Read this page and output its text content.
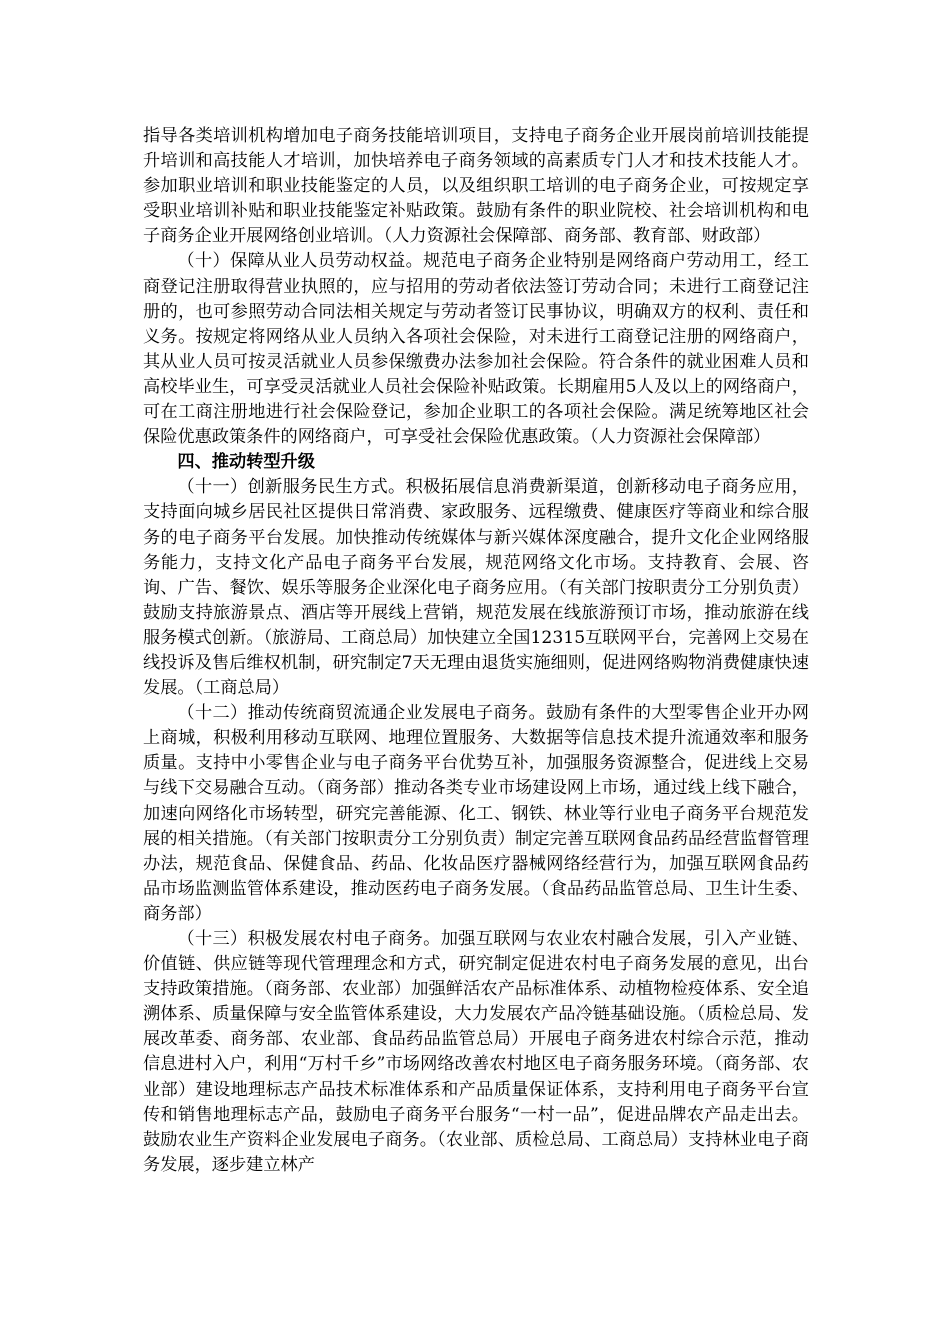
指导各类培训机构增加电子商务技能培训项目，支持电子商务企业开展岗前培训技能提升培训和高技能人才培训，加快培养电子商务领域的高素质专门人才和技术技能人才。参加职业培训和职业技能鉴定的人员，以及组织职工培训的电子商务企业，可按规定享受职业培训补贴和职业技能鉴定补贴政策。鼓励有条件的职业院校、社会培训机构和电子商务企业开展网络创业培训。（人力资源社会保障部、商务部、教育部、财政部）

（十）保障从业人员劳动权益。规范电子商务企业特别是网络商户劳动用工，经工商登记注册取得营业执照的，应与招用的劳动者依法签订劳动合同；未进行工商登记注册的，也可参照劳动合同法相关规定与劳动者签订民事协议，明确双方的权利、责任和义务。按规定将网络从业人员纳入各项社会保险，对未进行工商登记注册的网络商户，其从业人员可按灵活就业人员参保缴费办法参加社会保险。符合条件的就业困难人员和高校毕业生，可享受灵活就业人员社会保险补贴政策。长期雇用5人及以上的网络商户，可在工商注册地进行社会保险登记，参加企业职工的各项社会保险。满足统筹地区社会保险优惠政策条件的网络商户，可享受社会保险优惠政策。（人力资源社会保障部）

四、推动转型升级

（十一）创新服务民生方式。积极拓展信息消费新渠道，创新移动电子商务应用，支持面向城乡居民社区提供日常消费、家政服务、远程缴费、健康医疗等商业和综合服务的电子商务平台发展。加快推动传统媒体与新兴媒体深度融合，提升文化企业网络服务能力，支持文化产品电子商务平台发展，规范网络文化市场。支持教育、会展、咨询、广告、餐饮、娱乐等服务企业深化电子商务应用。（有关部门按职责分工分别负责）鼓励支持旅游景点、酒店等开展线上营销，规范发展在线旅游预订市场，推动旅游在线服务模式创新。（旅游局、工商总局）加快建立全国12315互联网平台，完善网上交易在线投诉及售后维权机制，研究制定7天无理由退货实施细则，促进网络购物消费健康快速发展。（工商总局）

（十二）推动传统商贸流通企业发展电子商务。鼓励有条件的大型零售企业开办网上商城，积极利用移动互联网、地理位置服务、大数据等信息技术提升流通效率和服务质量。支持中小零售企业与电子商务平台优势互补，加强服务资源整合，促进线上交易与线下交易融合互动。（商务部）推动各类专业市场建设网上市场，通过线上线下融合，加速向网络化市场转型，研究完善能源、化工、钢铁、林业等行业电子商务平台规范发展的相关措施。（有关部门按职责分工分别负责）制定完善互联网食品药品经营监督管理办法，规范食品、保健食品、药品、化妆品医疗器械网络经营行为，加强互联网食品药品市场监测监管体系建设，推动医药电子商务发展。（食品药品监管总局、卫生计生委、商务部）

（十三）积极发展农村电子商务。加强互联网与农业农村融合发展，引入产业链、价值链、供应链等现代管理理念和方式，研究制定促进农村电子商务发展的意见，出台支持政策措施。（商务部、农业部）加强鲜活农产品标准体系、动植物检疫体系、安全追溯体系、质量保障与安全监管体系建设，大力发展农产品冷链基础设施。（质检总局、发展改革委、商务部、农业部、食品药品监管总局）开展电子商务进农村综合示范，推动信息进村入户，利用“万村千乡”市场网络改善农村地区电子商务服务环境。（商务部、农业部）建设地理标志产品技术标准体系和产品质量保证体系，支持利用电子商务平台宣传和销售地理标志产品，鼓励电子商务平台服务“一村一品”，促进品牌农产品走出去。鼓励农业生产资料企业发展电子商务。（农业部、质检总局、工商总局）支持林业电子商务发展，逐步建立林产
